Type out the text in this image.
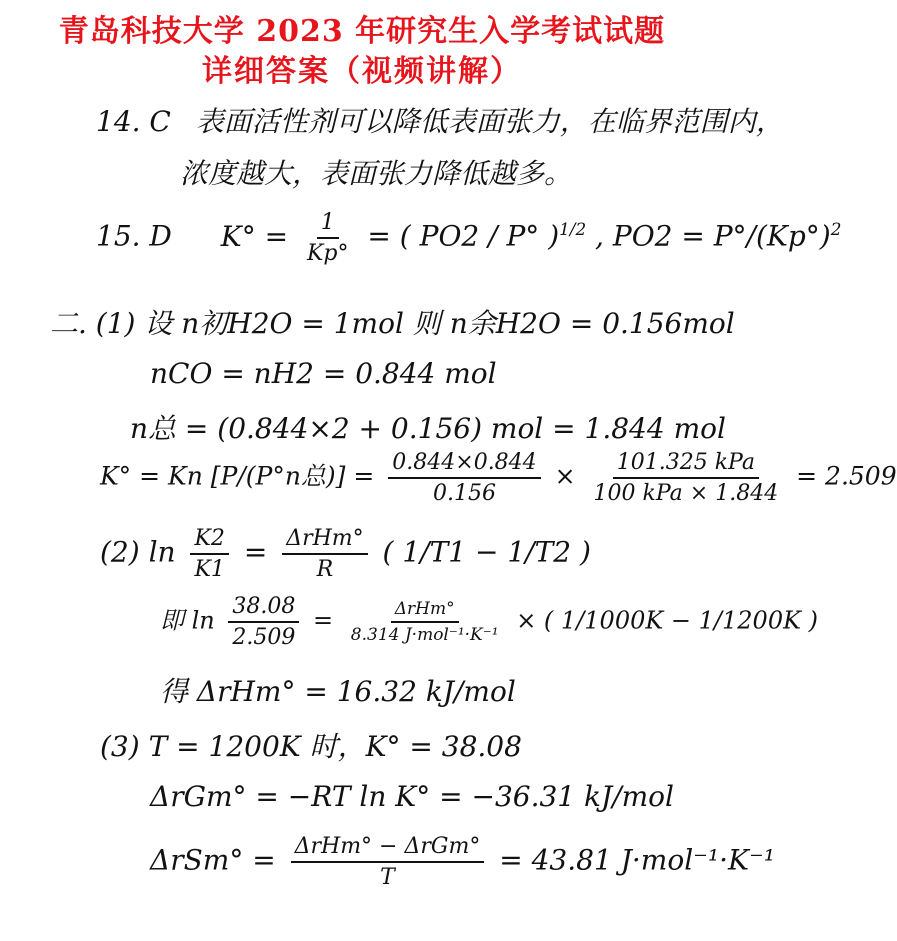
青岛科技大学 2023 年研究生入学考试试题
详细答案（视频讲解）
14. C 表面活性剂可以降低表面张力，在临界范围内，
浓度越大，表面张力降低越多。
15. D $K^\circ = \frac{1}{Kp^\circ}$ = ( PO2 / P° )$^{1/2}$ , $PO2 = P^\circ/(Kp^\circ)^2$
二. (1) 设 n初H2O = 1mol 则 n余H2O = 0.156mol
nCO = nH2 = 0.844 mol
n总 = (0.844×2 + 0.156) mol = 1.844 mol
K° = Kn [P/(P°n总)] = $\frac{0.844\times 0.844}{0.156} \times \frac{\text{101.325 kPa}}{\text{100 kPa × 1.844}} = 2.509$
(2) $\ln \frac{K2}{K1} = \frac{\text{ΔrHm°}}{R}$ ( 1/T1 − 1/T2 )
即 $\ln \frac{38.08}{2.509} = \frac{\text{ΔrHm°}}{\text{8.314 J·mol⁻¹·K⁻¹}}$ × ( 1/1000K − 1/1200K )
得 ΔrHm° = 16.32 kJ/mol
(3) T = 1200K 时，K° = 38.08
ΔrGm° = −RT ln K° = −36.31 kJ/mol
$\Delta rSm^\circ = \frac{\text{ΔrHm° − ΔrGm°}}{T} = 43.81$ J·mol⁻¹·K⁻¹
